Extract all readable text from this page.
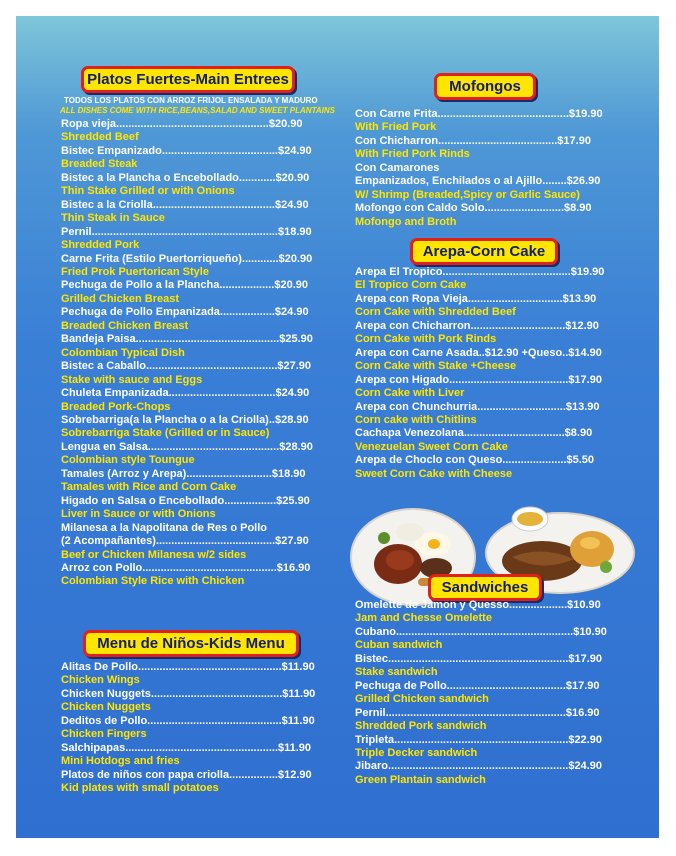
Platos Fuertes-Main Entrees
TODOS LOS PLATOS CON ARROZ FRIJOL ENSALADA Y MADURO
ALL DISHES COME WITH RICE,BEANS,SALAD AND SWEET PLANTAINS
Ropa vieja..................................................$20.90
Shredded Beef
Bistec Empanizado......................................$24.90
Breaded Steak
Bistec a la Plancha o Encebollado............$20.90
Thin Stake Grilled or with Onions
Bistec a la Criolla........................................$24.90
Thin Steak in Sauce
Pernil.............................................................$18.90
Shredded Pork
Carne Frita (Estilo Puertorriqueño)............$20.90
Fried Prok Puertorican Style
Pechuga de Pollo a la Plancha..................$20.90
Grilled Chicken Breast
Pechuga de Pollo Empanizada..................$24.90
Breaded Chicken Breast
Bandeja Paisa...............................................$25.90
Colombian Typical Dish
Bistec a Caballo...........................................$27.90
Stake with sauce and Eggs
Chuleta Empanizada...................................$24.90
Breaded Pork-Chops
Sobrebarriga(a la Plancha o a la Criolla)..$28.90
Sobrebarriga Stake (Grilled or in Sauce)
Lengua en Salsa...........................................$28.90
Colombian style Toungue
Tamales (Arroz y Arepa)............................$18.90
Tamales with Rice and Corn Cake
Higado en Salsa o Encebollado.................$25.90
Liver in Sauce or with Onions
Milanesa a la Napolitana de Res o Pollo
(2 Acompañantes).......................................$27.90
Beef or Chicken Milanesa w/2 sides
Arroz con Pollo............................................$16.90
Colombian Style Rice with Chicken
Menu de Niños-Kids Menu
Alitas De Pollo...............................................$11.90
Chicken Wings
Chicken Nuggets...........................................$11.90
Chicken Nuggets
Deditos de Pollo............................................$11.90
Chicken Fingers
Salchipapas..................................................$11.90
Mini Hotdogs and fries
Platos de niños con papa criolla................$12.90
Kid plates with small potatoes
Mofongos
Con Carne Frita...........................................$19.90
With Fried Pork
Con Chicharron.......................................$17.90
With Fried Pork Rinds
Con Camarones
Empanizados, Enchilados o al Ajillo........$26.90
W/ Shrimp (Breaded,Spicy or Garlic Sauce)
Mofongo con Caldo Solo..........................$8.90
Mofongo and Broth
Arepa-Corn Cake
Arepa El Tropico..........................................$19.90
El Tropico Corn Cake
Arepa con Ropa Vieja...............................$13.90
Corn Cake with Shredded Beef
Arepa con Chicharron...............................$12.90
Corn Cake with Pork Rinds
Arepa con Carne Asada..$12.90 +Queso..$14.90
Corn Cake with Stake +Cheese
Arepa con Higado.......................................$17.90
Corn Cake with Liver
Arepa con Chunchurria.............................$13.90
Corn cake with Chitlins
Cachapa Venezolana.................................$8.90
Venezuelan Sweet Corn Cake
Arepa de Choclo con Queso.....................$5.50
Sweet Corn Cake with Cheese
Sandwiches
Omelette de Jamon y Quesso...................$10.90
Jam and Chesse Omelette
Cubano..........................................................$10.90
Cuban sandwich
Bistec...........................................................$17.90
Stake sandwich
Pechuga de Pollo.......................................$17.90
Grilled Chicken sandwich
Pernil...........................................................$16.90
Shredded Pork sandwich
Tripleta.........................................................$22.90
Triple Decker sandwich
Jibaro...........................................................$24.90
Green Plantain sandwich
